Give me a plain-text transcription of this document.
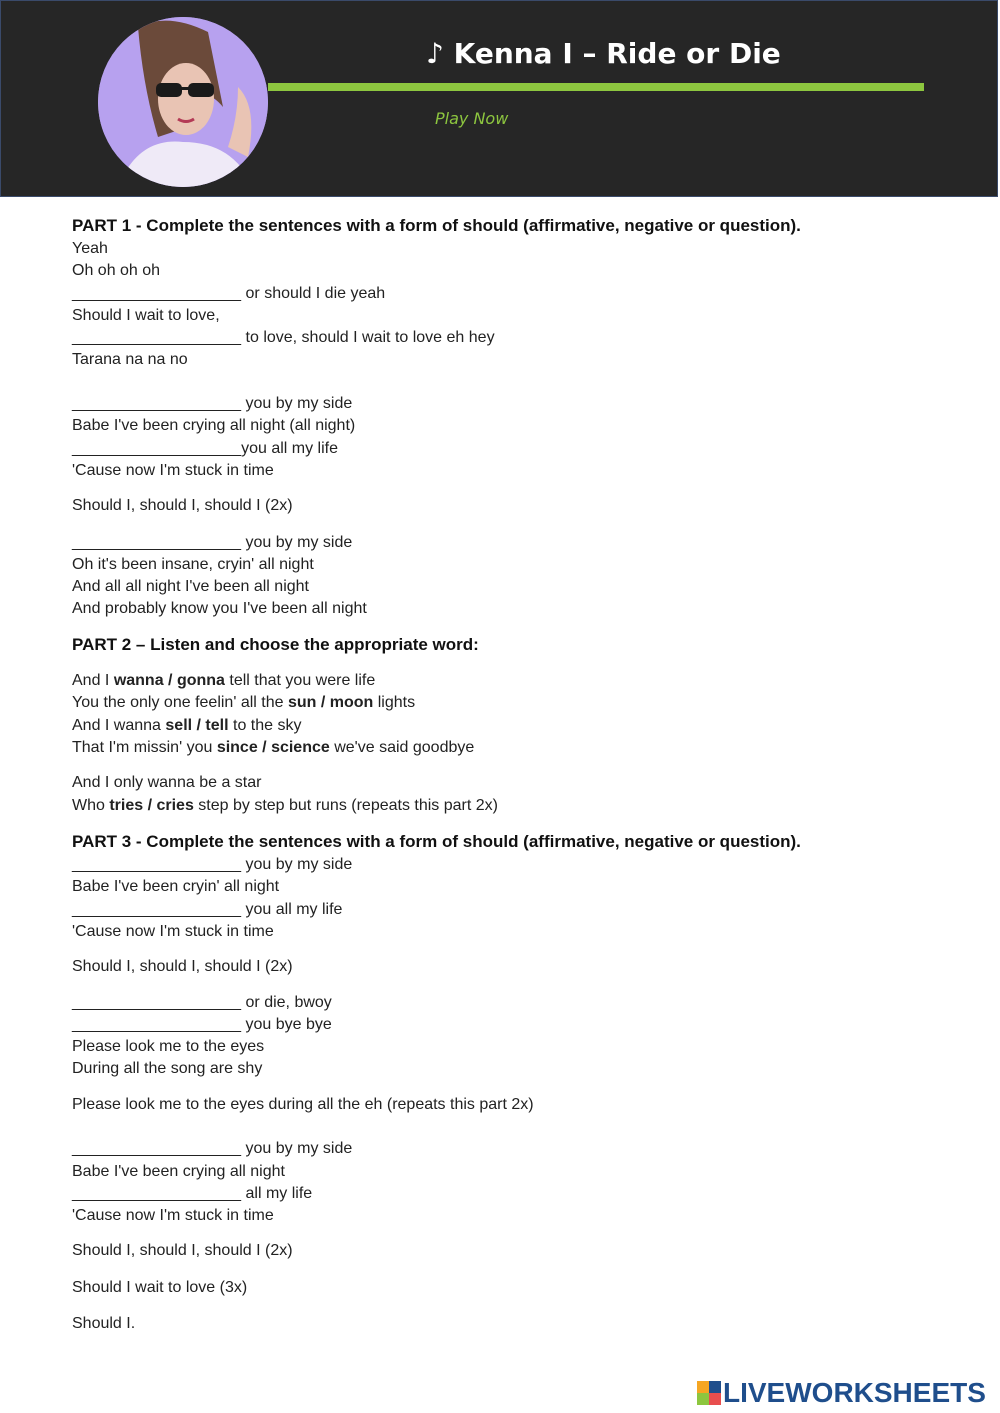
♪ Kenna I – Ride or Die
Play Now
PART 1 - Complete the sentences with a form of should (affirmative, negative or question).
Yeah
Oh oh oh oh
___________________ or should I die yeah
Should I wait to love,
___________________ to love, should I wait to love eh hey
Tarana na na no
___________________ you by my side
Babe I've been crying all night (all night)
___________________you all my life
'Cause now I'm stuck in time
Should I, should I, should I (2x)
___________________ you by my side
Oh it's been insane, cryin' all night
And all all night I've been all night
And probably know you I've been all night
PART 2 – Listen and choose the appropriate word:
And I wanna / gonna tell that you were life
You the only one feelin' all the sun / moon lights
And I wanna sell / tell to the sky
That I'm missin' you since / science we've said goodbye
And I only wanna be a star
Who tries / cries step by step but runs (repeats this part 2x)
PART 3 - Complete the sentences with a form of should (affirmative, negative or question).
___________________ you by my side
Babe I've been cryin' all night
___________________ you all my life
'Cause now I'm stuck in time
Should I, should I, should I (2x)
___________________ or die, bwoy
___________________ you bye bye
Please look me to the eyes
During all the song are shy
Please look me to the eyes during all the eh (repeats this part 2x)
___________________ you by my side
Babe I've been crying all night
___________________ all my life
'Cause now I'm stuck in time
Should I, should I, should I (2x)
Should I wait to love (3x)
Should I.
LIVEWORKSHEETS
